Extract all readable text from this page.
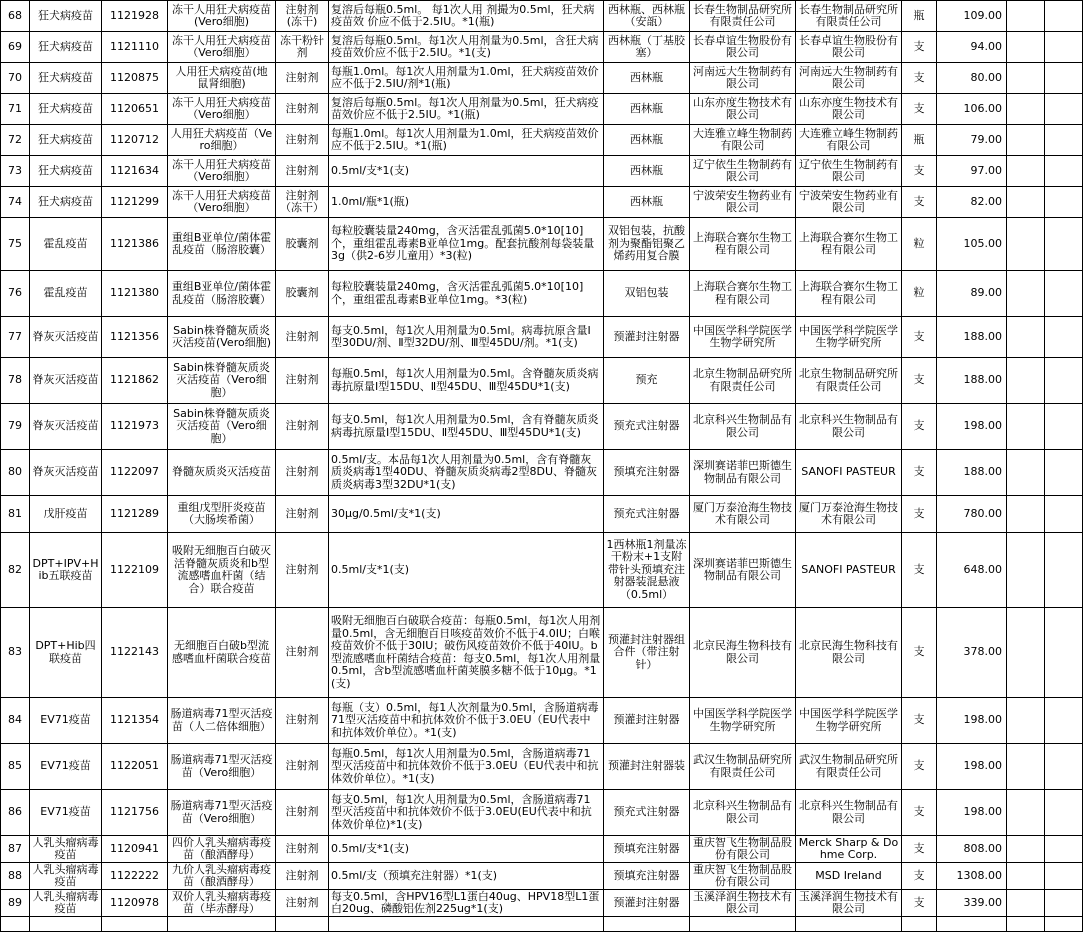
68	狂犬病疫苗	1121928	冻干人用狂犬病疫苗(Vero细胞)	注射剂(冻干)	复溶后每瓶0.5ml。 每1次人用 剂撮为0.5ml，狂犬病疫苗效 价应不低于2.5IU。*1(瓶)	西林瓶、西林瓶（安瓿）	长春生物制品研究所有限责任公司	长春生物制品研究所有限责任公司	瓶	109.00		
69	狂犬病疫苗	1121110	冻干人用狂犬病疫苗（Vero细胞）	冻干粉针剂	复溶后每瓶0.5ml。每1次人用剂量为0.5ml，含狂犬病疫苗效价应不低于2.5IU。*1(支)	西林瓶（丁基胶塞）	长春卓谊生物股份有限公司	长春卓谊生物股份有限公司	支	94.00		
70	狂犬病疫苗	1120875	人用狂犬病疫苗(地鼠肾细胞)	注射剂	每瓶1.0ml。每1次人用剂量为1.0ml，狂犬病疫苗效价应不低于2.5IU/剂*1(瓶)	西林瓶	河南远大生物制药有限公司	河南远大生物制药有限公司	支	80.00		
71	狂犬病疫苗	1120651	冻干人用狂犬病疫苗（Vero细胞）	注射剂	复溶后每瓶0.5ml。每1次人用剂量为0.5ml，狂犬病疫苗效价应不低于2.5IU。*1(瓶)	西林瓶	山东亦度生物技术有限公司	山东亦度生物技术有限公司	支	106.00		
72	狂犬病疫苗	1120712	人用狂犬病疫苗（Vero细胞）	注射剂	每瓶1.0ml。每1次人用剂量为1.0ml，狂犬病疫苗效价应不低于2.5IU。*1(瓶)	西林瓶	大连雅立峰生物制药有限公司	大连雅立峰生物制药有限公司	瓶	79.00		
73	狂犬病疫苗	1121634	冻干人用狂犬病疫苗（Vero细胞）	注射剂	0.5ml/支*1(支)	西林瓶	辽宁依生生物制药有限公司	辽宁依生生物制药有限公司	支	97.00		
74	狂犬病疫苗	1121299	冻干人用狂犬病疫苗（Vero细胞）	注射剂（冻干）	1.0ml/瓶*1(瓶)	西林瓶	宁波荣安生物药业有限公司	宁波荣安生物药业有限公司	支	82.00		
75	霍乱疫苗	1121386	重组B亚单位/菌体霍乱疫苗（肠溶胶囊）	胶囊剂	每粒胶囊装量240mg，含灭活霍乱弧菌5.0*10[10]个，重组霍乱毒素B亚单位1mg。配套抗酸剂每袋装量3g（供2-6岁儿童用）*3(粒)	双铝包装，抗酸剂为聚酯铝聚乙烯药用复合膜	上海联合赛尔生物工程有限公司	上海联合赛尔生物工程有限公司	粒	105.00		
76	霍乱疫苗	1121380	重组B亚单位/菌体霍乱疫苗（肠溶胶囊）	胶囊剂	每粒胶囊装量240mg，含灭活霍乱弧菌5.0*10[10]个，重组霍乱毒素B亚单位1mg。*3(粒)	双铝包装	上海联合赛尔生物工程有限公司	上海联合赛尔生物工程有限公司	粒	89.00		
77	脊灰灭活疫苗	1121356	Sabin株脊髓灰质炎灭活疫苗(Vero细胞)	注射剂	每支0.5ml，每1次人用剂量为0.5ml。病毒抗原含量Ⅰ型30DU/剂、Ⅱ型32DU/剂、Ⅲ型45DU/剂。*1(支)	预灌封注射器	中国医学科学院医学生物学研究所	中国医学科学院医学生物学研究所	支	188.00		
78	脊灰灭活疫苗	1121862	Sabin株脊髓灰质炎灭活疫苗（Vero细胞）	注射剂	每瓶0.5ml，每1次人用剂量为0.5ml。含脊髓灰质炎病毒抗原量Ⅰ型15DU、Ⅱ型45DU、Ⅲ型45DU*1(支)	预充	北京生物制品研究所有限责任公司	北京生物制品研究所有限责任公司	支	188.00		
79	脊灰灭活疫苗	1121973	Sabin株脊髓灰质炎灭活疫苗（Vero细胞）	注射剂	每支0.5ml，每1次人用剂量为0.5ml，含有脊髓灰质炎病毒抗原量Ⅰ型15DU、Ⅱ型45DU、Ⅲ型45DU*1(支)	预充式注射器	北京科兴生物制品有限公司	北京科兴生物制品有限公司	支	198.00		
80	脊灰灭活疫苗	1122097	脊髓灰质炎灭活疫苗	注射剂	0.5ml/支。本品每1次人用剂量为0.5ml，含有脊髓灰质炎病毒1型40DU、脊髓灰质炎病毒2型8DU、脊髓灰质炎病毒3型32DU*1(支)	预填充注射器	深圳赛诺菲巴斯德生物制品有限公司	SANOFI PASTEUR	支	188.00		
81	戊肝疫苗	1121289	重组戊型肝炎疫苗（大肠埃希菌）	注射剂	30μg/0.5ml/支*1(支)	预充式注射器	厦门万泰沧海生物技术有限公司	厦门万泰沧海生物技术有限公司	支	780.00		
82	DPT+IPV+Hib五联疫苗	1122109	吸附无细胞百白破灭活脊髓灰质炎和b型流感嗜血杆菌（结合）联合疫苗	注射剂	0.5ml/支*1(支)	1西林瓶1剂量冻干粉末+1支附带针头预填充注射器装混悬液（0.5ml）	深圳赛诺菲巴斯德生物制品有限公司	SANOFI PASTEUR	支	648.00		
83	DPT+Hib四联疫苗	1122143	无细胞百白破b型流感嗜血杆菌联合疫苗	注射剂	吸附无细胞百白破联合疫苗：每瓶0.5ml，每1次人用剂量0.5ml，含无细胞百日咳疫苗效价不低于4.0IU；白喉疫苗效价不低于30IU；破伤风疫苗效价不低于40IU。b型流感嗜血杆菌结合疫苗：每支0.5ml，每1次人用剂量0.5ml，含b型流感嗜血杆菌荚膜多糖不低于10μg。*1(支)	预灌封注射器组合件（带注射针）	北京民海生物科技有限公司	北京民海生物科技有限公司	支	378.00		
84	EV71疫苗	1121354	肠道病毒71型灭活疫苗（人二倍体细胞）	注射剂	每瓶（支）0.5ml，每1人次剂量为0.5ml，含肠道病毒71型灭活疫苗中和抗体效价不低于3.0EU（EU代表中和抗体效价单位）。*1(支)	预灌封注射器	中国医学科学院医学生物学研究所	中国医学科学院医学生物学研究所	支	198.00		
85	EV71疫苗	1122051	肠道病毒71型灭活疫苗（Vero细胞）	注射剂	每瓶0.5ml，每1次人用剂量为0.5ml，含肠道病毒71型灭活疫苗中和抗体效价不低于3.0EU（EU代表中和抗体效价单位）。*1(支)	预灌封注射器装	武汉生物制品研究所有限责任公司	武汉生物制品研究所有限责任公司	支	198.00		
86	EV71疫苗	1121756	肠道病毒71型灭活疫苗（Vero细胞）	注射剂	每支0.5ml，每1次人用剂量为0.5ml，含肠道病毒71型灭活疫苗中和抗体效价不低于3.0EU(EU代表中和抗体效价单位)*1(支)	预充式注射器	北京科兴生物制品有限公司	北京科兴生物制品有限公司	支	198.00		
87	人乳头瘤病毒疫苗	1120941	四价人乳头瘤病毒疫苗（酿酒酵母）	注射剂	0.5ml/支*1(支)	预填充注射器	重庆智飞生物制品股份有限公司	Merck Sharp & Dohme Corp.	支	808.00		
88	人乳头瘤病毒疫苗	1122222	九价人乳头瘤病毒疫苗（酿酒酵母）	注射剂	0.5ml/支（预填充注射器）*1(支)	预填充注射器	重庆智飞生物制品股份有限公司	MSD Ireland	支	1308.00		
89	人乳头瘤病毒疫苗	1120978	双价人乳头瘤病毒疫苗（毕赤酵母）	注射剂	每支0.5ml，含HPV16型L1蛋白40ug、HPV18型L1蛋白20ug、磷酸铝佐剂225ug*1(支)	预灌封注射器	玉溪泽润生物技术有限公司	玉溪泽润生物技术有限公司	支	339.00		
